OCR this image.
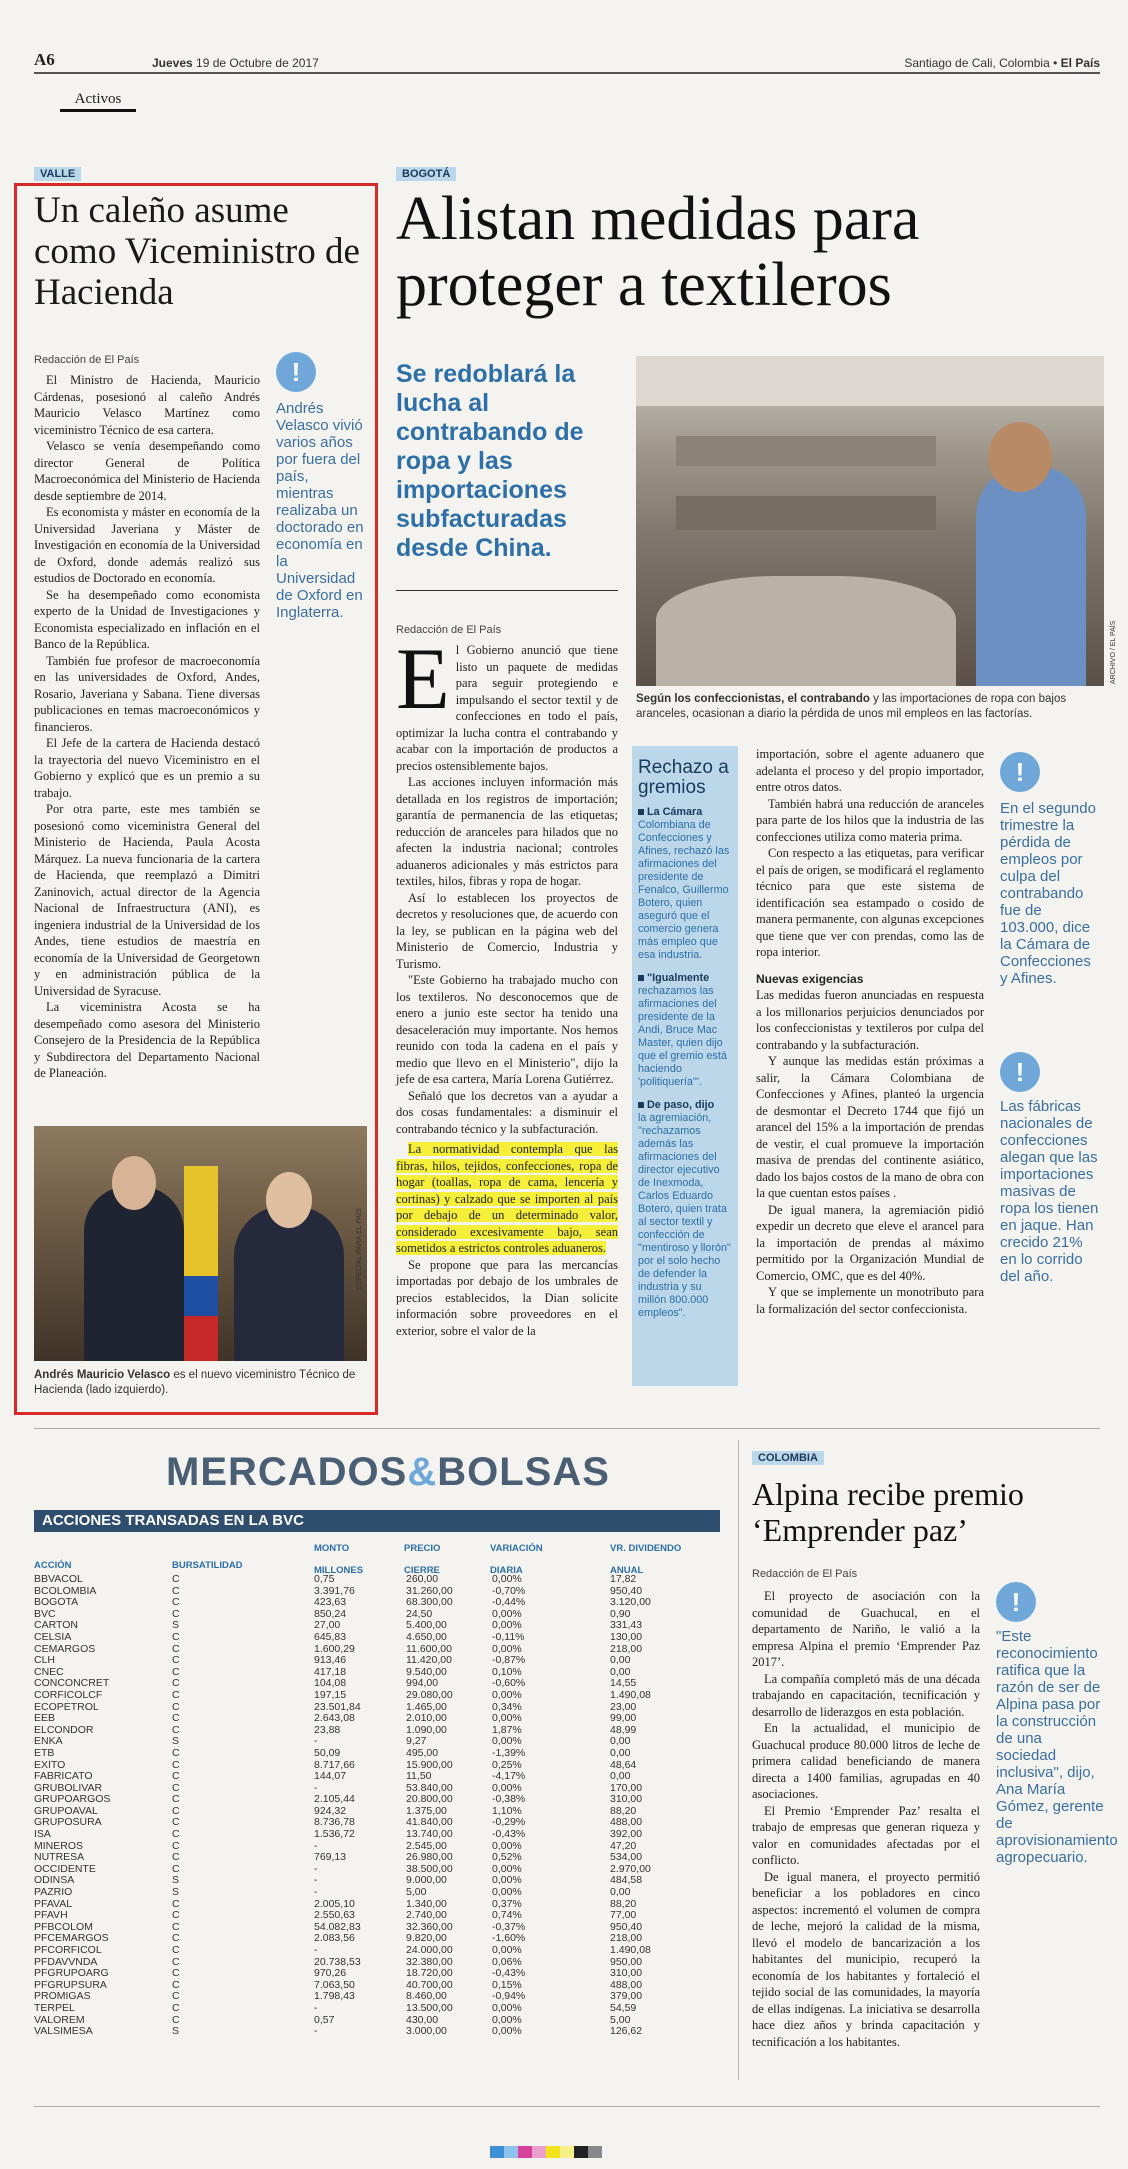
A6	Jueves 19 de Octubre de 2017	Santiago de Cali, Colombia • El País
Activos
VALLE
Un caleño asume como Viceministro de Hacienda
Redacción de El País

El Ministro de Hacienda, Mauricio Cárdenas, posesionó al caleño Andrés Mauricio Velasco Martínez como viceministro Técnico de esa cartera.

Velasco se venía desempeñando como director General de Política Macroeconómica del Ministerio de Hacienda desde septiembre de 2014.

Es economista y máster en economía de la Universidad Javeriana y Máster de Investigación en economía de la Universidad de Oxford, donde además realizó sus estudios de Doctorado en economía.

Se ha desempeñado como economista experto de la Unidad de Investigaciones y Economista especializado en inflación en el Banco de la República.

También fue profesor de macroeconomía en las universidades de Oxford, Andes, Rosario, Javeriana y Sabana. Tiene diversas publicaciones en temas macroeconómicos y financieros.

El Jefe de la cartera de Hacienda destacó la trayectoria del nuevo Viceministro en el Gobierno y explicó que es un premio a su trabajo.

Por otra parte, este mes también se posesionó como viceministra General del Ministerio de Hacienda, Paula Acosta Márquez. La nueva funcionaria de la cartera de Hacienda, que reemplazó a Dimitri Zaninovich, actual director de la Agencia Nacional de Infraestructura (ANI), es ingeniera industrial de la Universidad de los Andes, tiene estudios de maestría en economía de la Universidad de Georgetown y en administración pública de la Universidad de Syracuse.

La viceministra Acosta se ha desempeñado como asesora del Ministerio Consejero de la Presidencia de la República y Subdirectora del Departamento Nacional de Planeación.

!
Andrés Velasco vivió varios años por fuera del país, mientras realizaba un doctorado en economía en la Universidad de Oxford en Inglaterra.
ESPECIAL PARA EL PAÍS
Andrés Mauricio Velasco es el nuevo viceministro Técnico de Hacienda (lado izquierdo).
BOGOTÁ
Alistan medidas para proteger a textileros
Se redoblará la lucha al contrabando de ropa y las importaciones subfacturadas desde China.
ARCHIVO / EL PAÍS
Según los confeccionistas, el contrabando y las importaciones de ropa con bajos aranceles, ocasionan a diario la pérdida de unos mil empleos en las factorías.
Redacción de El País
E l Gobierno anunció que tiene listo un paquete de medidas para seguir protegiendo e impulsando el sector textil y de confecciones en todo el país, optimizar la lucha contra el contrabando y acabar con la importación de productos a precios ostensiblemente bajos.

Las acciones incluyen información más detallada en los registros de importación; garantía de permanencia de las etiquetas; reducción de aranceles para hilados que no afecten la industria nacional; controles aduaneros adicionales y más estrictos para textiles, hilos, fibras y ropa de hogar.

Así lo establecen los proyectos de decretos y resoluciones que, de acuerdo con la ley, se publican en la página web del Ministerio de Comercio, Industria y Turismo.

"Este Gobierno ha trabajado mucho con los textileros. No desconocemos que de enero a junio este sector ha tenido una desaceleración muy importante. Nos hemos reunido con toda la cadena en el país y medio que llevo en el Ministerio", dijo la jefe de esa cartera, María Lorena Gutiérrez.

Señaló que los decretos van a ayudar a dos cosas fundamentales: a disminuir el contrabando técnico y la subfacturación.

La normatividad contempla que las fibras, hilos, tejidos, confecciones, ropa de hogar (toallas, ropa de cama, lencería y cortinas) y calzado que se importen al país por debajo de un determinado valor, considerado excesivamente bajo, sean sometidos a estrictos controles aduaneros.

Se propone que para las mercancías importadas por debajo de los umbrales de precios establecidos, la Dian solicite información sobre proveedores en el exterior, sobre el valor de la

Rechazo a gremios
La Cámara
Colombiana de Confecciones y Afines, rechazó las afirmaciones del presidente de Fenalco, Guillermo Botero, quien aseguró que el comercio genera más empleo que esa industria.
"Igualmente
rechazamos las afirmaciones del presidente de la Andi, Bruce Mac Master, quien dijo que el gremio está haciendo 'politiquería'".
De paso, dijo
la agremiación, "rechazamos además las afirmaciones del director ejecutivo de Inexmoda, Carlos Eduardo Botero, quien trata al sector textil y confección de "mentiroso y llorón" por el solo hecho de defender la industria y su millón 800.000 empleos".

importación, sobre el agente aduanero que adelanta el proceso y del propio importador, entre otros datos.

También habrá una reducción de aranceles para parte de los hilos que la industria de las confecciones utiliza como materia prima.

Con respecto a las etiquetas, para verificar el país de origen, se modificará el reglamento técnico para que este sistema de identificación sea estampado o cosido de manera permanente, con algunas excepciones que tiene que ver con prendas, como las de ropa interior.

Nuevas exigencias

Las medidas fueron anunciadas en respuesta a los millonarios perjuicios denunciados por los confeccionistas y textileros por culpa del contrabando y la subfacturación.

Y aunque las medidas están próximas a salir, la Cámara Colombiana de Confecciones y Afines, planteó la urgencia de desmontar el Decreto 1744 que fijó un arancel del 15% a la importación de prendas de vestir, el cual promueve la importación masiva de prendas del continente asiático, dado los bajos costos de la mano de obra con la que cuentan estos países .

De igual manera, la agremiación pidió expedir un decreto que eleve el arancel para la importación de prendas al máximo permitido por la Organización Mundial de Comercio, OMC, que es del 40%.

Y que se implemente un monotributo para la formalización del sector confeccionista.

!
En el segundo trimestre la pérdida de empleos por culpa del contrabando fue de 103.000, dice la Cámara de Confecciones y Afines.
!
Las fábricas nacionales de confecciones alegan que las importaciones masivas de ropa los tienen en jaque. Han crecido 21% en lo corrido del año.
MERCADOS&BOLSAS
ACCIONES TRANSADAS EN LA BVC
ACCIÓN	BURSATILIDAD
MONTO MILLONES
PRECIO CIERRE
VARIACIÓN DIARIA
VR. DIVIDENDO ANUAL
BBVACOL	C	0,75	260,00	0,00%	17,82
BCOLOMBIA	C	3.391,76	31.260,00	-0,70%	950,40
BOGOTA	C	423,63	68.300,00	-0,44%	3.120,00
BVC	C	850,24	24,50	0,00%	0,90
CARTON	S	27,00	5.400,00	0,00%	331,43
CELSIA	C	645,83	4.650,00	-0,11%	130,00
CEMARGOS	C	1.600,29	11.600,00	0,00%	218,00
CLH	C	913,46	11.420,00	-0,87%	0,00
CNEC	C	417,18	9.540,00	0,10%	0,00
CONCONCRET	C	104,08	994,00	-0,60%	14,55
CORFICOLCF	C	197,15	29.080,00	0,00%	1.490,08
ECOPETROL	C	23.501,84	1.465,00	0,34%	23,00
EEB	C	2.643,08	2.010,00	0,00%	99,00
ELCONDOR	C	23,88	1.090,00	1,87%	48,99
ENKA	S	-	9,27	0,00%	0,00
ETB	C	50,09	495,00	-1,39%	0,00
EXITO	C	8.717,66	15.900,00	0,25%	48,64
FABRICATO	C	144,07	11,50	-4,17%	0,00
GRUBOLIVAR	C	-	53.840,00	0,00%	170,00
GRUPOARGOS	C	2.105,44	20.800,00	-0,38%	310,00
GRUPOAVAL	C	924,32	1.375,00	1,10%	88,20
GRUPOSURA	C	8.736,78	41.840,00	-0,29%	488,00
ISA	C	1.536,72	13.740,00	-0,43%	392,00
MINEROS	C	-	2.545,00	0,00%	47,20
NUTRESA	C	769,13	26.980,00	0,52%	534,00
OCCIDENTE	C	-	38.500,00	0,00%	2.970,00
ODINSA	S	-	9.000,00	0,00%	484,58
PAZRIO	S	-	5,00	0,00%	0,00
PFAVAL	C	2.005,10	1.340,00	0,37%	88,20
PFAVH	C	2.550,63	2.740,00	0,74%	77,00
PFBCOLOM	C	54.082,83	32.360,00	-0,37%	950,40
PFCEMARGOS	C	2.083,56	9.820,00	-1,60%	218,00
PFCORFICOL	C	-	24.000,00	0,00%	1.490,08
PFDAVVNDA	C	20.738,53	32.380,00	0,06%	950,00
PFGRUPOARG	C	970,26	18.720,00	-0,43%	310,00
PFGRUPSURA	C	7.063,50	40.700,00	0,15%	488,00
PROMIGAS	C	1.798,43	8.460,00	-0,94%	379,00
TERPEL	C	-	13.500,00	0,00%	54,59
VALOREM	C	0,57	430,00	0,00%	5,00
VALSIMESA	S	-	3.000,00	0,00%	126,62
COLOMBIA
Alpina recibe premio ‘Emprender paz’
Redacción de El País

El proyecto de asociación con la comunidad de Guachucal, en el departamento de Nariño, le valió a la empresa Alpina el premio ‘Emprender Paz 2017’.

La compañía completó más de una década trabajando en capacitación, tecnificación y desarrollo de liderazgos en esta población.

En la actualidad, el municipio de Guachucal produce 80.000 litros de leche de primera calidad beneficiando de manera directa a 1400 familias, agrupadas en 40 asociaciones.

El Premio ‘Emprender Paz’ resalta el trabajo de empresas que generan riqueza y valor en comunidades afectadas por el conflicto.

De igual manera, el proyecto permitió beneficiar a los pobladores en cinco aspectos: incrementó el volumen de compra de leche, mejoró la calidad de la misma, llevó el modelo de bancarización a los habitantes del municipio, recuperó la economía de los habitantes y fortaleció el tejido social de las comunidades, la mayoría de ellas indígenas. La iniciativa se desarrolla hace diez años y brinda capacitación y tecnificación a los habitantes.

!
"Este reconocimiento ratifica que la razón de ser de Alpina pasa por la construcción de una sociedad inclusiva", dijo, Ana María Gómez, gerente de aprovisionamiento agropecuario.
